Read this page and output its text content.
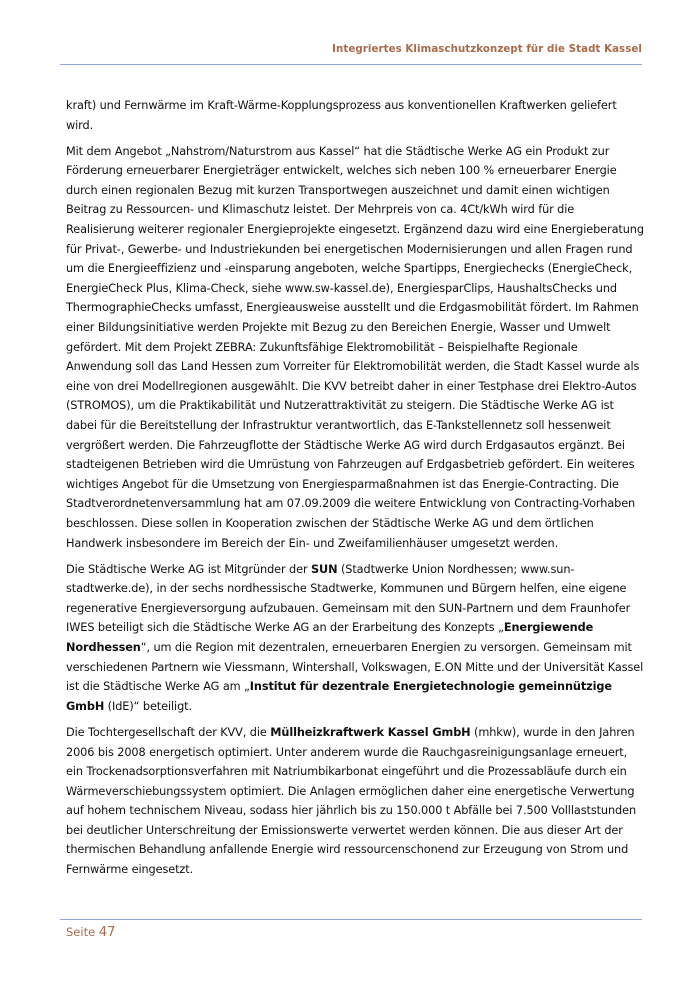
Integriertes Klimaschutzkonzept für die Stadt Kassel

kraft) und Fernwärme im Kraft-Wärme-Kopplungsprozess aus konventionellen Kraftwerken geliefert wird.

Mit dem Angebot „Nahstrom/Naturstrom aus Kassel“ hat die Städtische Werke AG ein Produkt zur Förderung erneuerbarer Energieträger entwickelt, welches sich neben 100 % erneuerbarer Energie durch einen regionalen Bezug mit kurzen Transportwegen auszeichnet und damit einen wichtigen Beitrag zu Ressourcen- und Klimaschutz leistet. Der Mehrpreis von ca. 4Ct/kWh wird für die Realisierung weiterer regionaler Energieprojekte eingesetzt. Ergänzend dazu wird eine Energieberatung für Privat-, Gewerbe- und Industriekunden bei energetischen Modernisierungen und allen Fragen rund um die Energieeffizienz und -einsparung angeboten, welche Spartipps, Energiechecks (EnergieCheck, EnergieCheck Plus, Klima-Check, siehe www.sw-kassel.de), EnergiesparClips, HaushaltsChecks und ThermographieChecks umfasst, Energieausweise ausstellt und die Erdgasmobilität fördert. Im Rahmen einer Bildungsinitiative werden Projekte mit Bezug zu den Bereichen Energie, Wasser und Umwelt gefördert. Mit dem Projekt ZEBRA: Zukunftsfähige Elektromobilität – Beispielhafte Regionale Anwendung soll das Land Hessen zum Vorreiter für Elektromobilität werden, die Stadt Kassel wurde als eine von drei Modellregionen ausgewählt. Die KVV betreibt daher in einer Testphase drei Elektro-Autos (STROMOS), um die Praktikabilität und Nutzerattraktivität zu steigern. Die Städtische Werke AG ist dabei für die Bereitstellung der Infrastruktur verantwortlich, das E-Tankstellennetz soll hessenweit vergrößert werden. Die Fahrzeugflotte der Städtische Werke AG wird durch Erdgasautos ergänzt. Bei stadteigenen Betrieben wird die Umrüstung von Fahrzeugen auf Erdgasbetrieb gefördert. Ein weiteres wichtiges Angebot für die Umsetzung von Energiesparmaßnahmen ist das Energie-Contracting. Die Stadtverordnetenversammlung hat am 07.09.2009 die weitere Entwicklung von Contracting-Vorhaben beschlossen. Diese sollen in Kooperation zwischen der Städtische Werke AG und dem örtlichen Handwerk insbesondere im Bereich der Ein- und Zweifamilienhäuser umgesetzt werden.

Die Städtische Werke AG ist Mitgründer der SUN (Stadtwerke Union Nordhessen; www.sun-stadtwerke.de), in der sechs nordhessische Stadtwerke, Kommunen und Bürgern helfen, eine eigene regenerative Energieversorgung aufzubauen. Gemeinsam mit den SUN-Partnern und dem Fraunhofer IWES beteiligt sich die Städtische Werke AG an der Erarbeitung des Konzepts „Energiewende Nordhessen“, um die Region mit dezentralen, erneuerbaren Energien zu versorgen. Gemeinsam mit verschiedenen Partnern wie Viessmann, Wintershall, Volkswagen, E.ON Mitte und der Universität Kassel ist die Städtische Werke AG am „Institut für dezentrale Energietechnologie gemeinnützige GmbH (IdE)“ beteiligt.

Die Tochtergesellschaft der KVV, die Müllheizkraftwerk Kassel GmbH (mhkw), wurde in den Jahren 2006 bis 2008 energetisch optimiert. Unter anderem wurde die Rauchgasreinigungsanlage erneuert, ein Trockenadsorptionsverfahren mit Natriumbikarbonat eingeführt und die Prozessabläufe durch ein Wärmeverschiebungssystem optimiert. Die Anlagen ermöglichen daher eine energetische Verwertung auf hohem technischem Niveau, sodass hier jährlich bis zu 150.000 t Abfälle bei 7.500 Volllaststunden bei deutlicher Unterschreitung der Emissionswerte verwertet werden können. Die aus dieser Art der thermischen Behandlung anfallende Energie wird ressourcenschonend zur Erzeugung von Strom und Fernwärme eingesetzt.

Seite 47
